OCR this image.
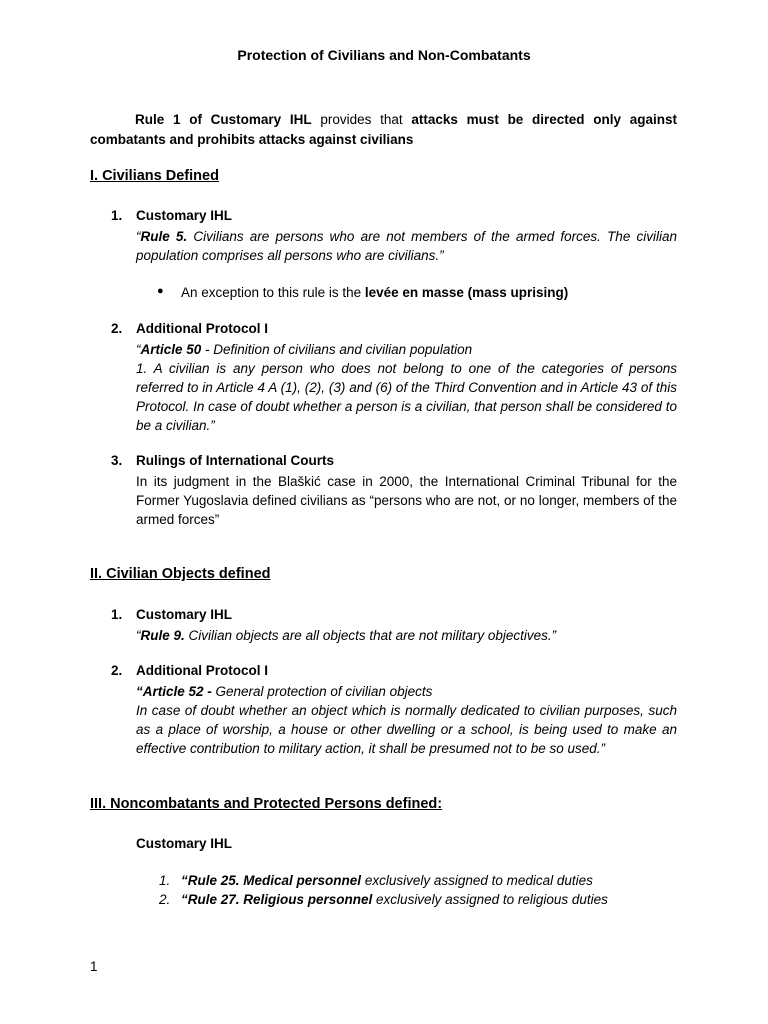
Protection of Civilians and Non-Combatants
Rule 1 of Customary IHL provides that attacks must be directed only against combatants and prohibits attacks against civilians
I. Civilians Defined
1. Customary IHL
“Rule 5. Civilians are persons who are not members of the armed forces. The civilian population comprises all persons who are civilians.”
● An exception to this rule is the levée en masse (mass uprising)
2. Additional Protocol I
“Article 50 - Definition of civilians and civilian population
1. A civilian is any person who does not belong to one of the categories of persons referred to in Article 4 A (1), (2), (3) and (6) of the Third Convention and in Article 43 of this Protocol. In case of doubt whether a person is a civilian, that person shall be considered to be a civilian.”
3. Rulings of International Courts
In its judgment in the Blaškić case in 2000, the International Criminal Tribunal for the Former Yugoslavia defined civilians as “persons who are not, or no longer, members of the armed forces”
II. Civilian Objects defined
1. Customary IHL
“Rule 9. Civilian objects are all objects that are not military objectives.”
2. Additional Protocol I
“Article 52 - General protection of civilian objects
In case of doubt whether an object which is normally dedicated to civilian purposes, such as a place of worship, a house or other dwelling or a school, is being used to make an effective contribution to military action, it shall be presumed not to be so used.”
III. Noncombatants and Protected Persons defined:
Customary IHL
1. “Rule 25. Medical personnel exclusively assigned to medical duties
2. “Rule 27. Religious personnel exclusively assigned to religious duties
1
